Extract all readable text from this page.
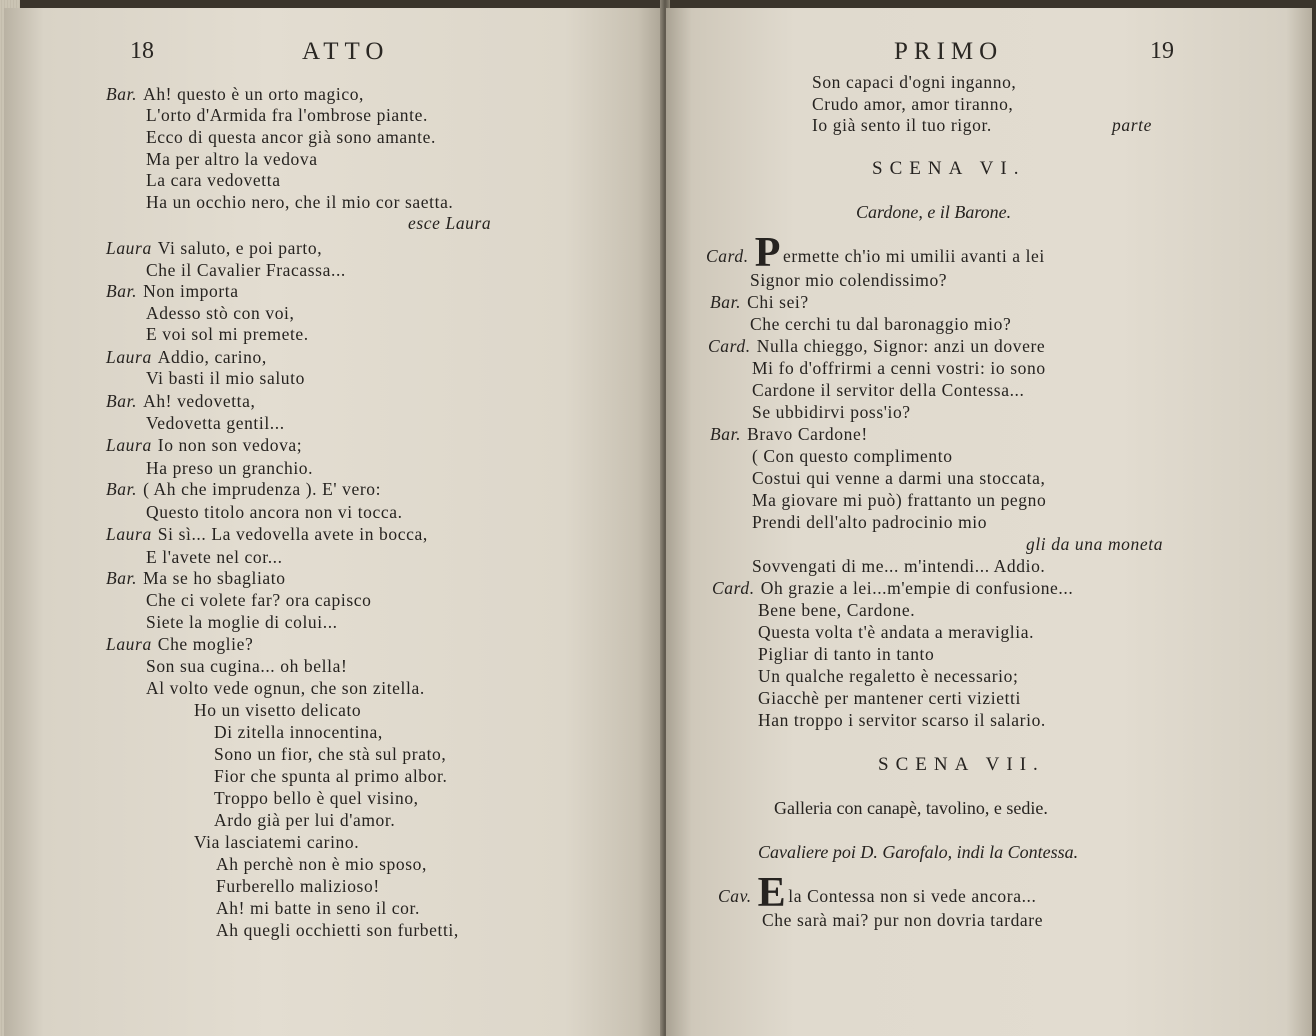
18	ATTO
Bar. Ah! questo è un orto magico,
L'orto d'Armida fra l'ombrose piante.
Ecco di questa ancor già sono amante.
Ma per altro la vedova
La cara vedovetta
Ha un occhio nero, che il mio cor saetta.
esce Laura
Laura Vi saluto, e poi parto,
Che il Cavalier Fracassa...
Bar. Non importa
Adesso stò con voi,
E voi sol mi premete.
Laura Addio, carino,
Vi basti il mio saluto
Bar. Ah! vedovetta,
Vedovetta gentil...
Laura Io non son vedova;
Ha preso un granchio.
Bar. ( Ah che imprudenza ). E' vero:
Questo titolo ancora non vi tocca.
Laura Si sì... La vedovella avete in bocca,
E l'avete nel cor...
Bar. Ma se ho sbagliato
Che ci volete far? ora capisco
Siete la moglie di colui...
Laura Che moglie?
Son sua cugina... oh bella!
Al volto vede ognun, che son zitella.
Ho un visetto delicato
Di zitella innocentina,
Sono un fior, che stà sul prato,
Fior che spunta al primo albor.
Troppo bello è quel visino,
Ardo già per lui d'amor.
Via lasciatemi carino.
Ah perchè non è mio sposo,
Furberello malizioso!
Ah! mi batte in seno il cor.
Ah quegli occhietti son furbetti,
PRIMO	19
Son capaci d'ogni inganno,
Crudo amor, amor tiranno,
Io già sento il tuo rigor.	parte
SCENA VI.
Cardone, e il Barone.
Card. P ermette ch'io mi umilii avanti a lei
Signor mio colendissimo?
Bar. Chi sei?
Che cerchi tu dal baronaggio mio?
Card. Nulla chieggo, Signor: anzi un dovere
Mi fo d'offrirmi a cenni vostri: io sono
Cardone il servitor della Contessa...
Se ubbidirvi poss'io?
Bar. Bravo Cardone!
( Con questo complimento
Costui qui venne a darmi una stoccata,
Ma giovare mi può) frattanto un pegno
Prendi dell'alto padrocinio mio
gli da una moneta
Sovvengati di me... m'intendi... Addio.
Card. Oh grazie a lei...m'empie di confusione...
Bene bene, Cardone.
Questa volta t'è andata a meraviglia.
Pigliar di tanto in tanto
Un qualche regaletto è necessario;
Giacchè per mantener certi vizietti
Han troppo i servitor scarso il salario.
SCENA VII.
Galleria con canapè, tavolino, e sedie.
Cavaliere poi D. Garofalo, indi la Contessa.
Cav. E la Contessa non si vede ancora...
Che sarà mai? pur non dovria tardare
